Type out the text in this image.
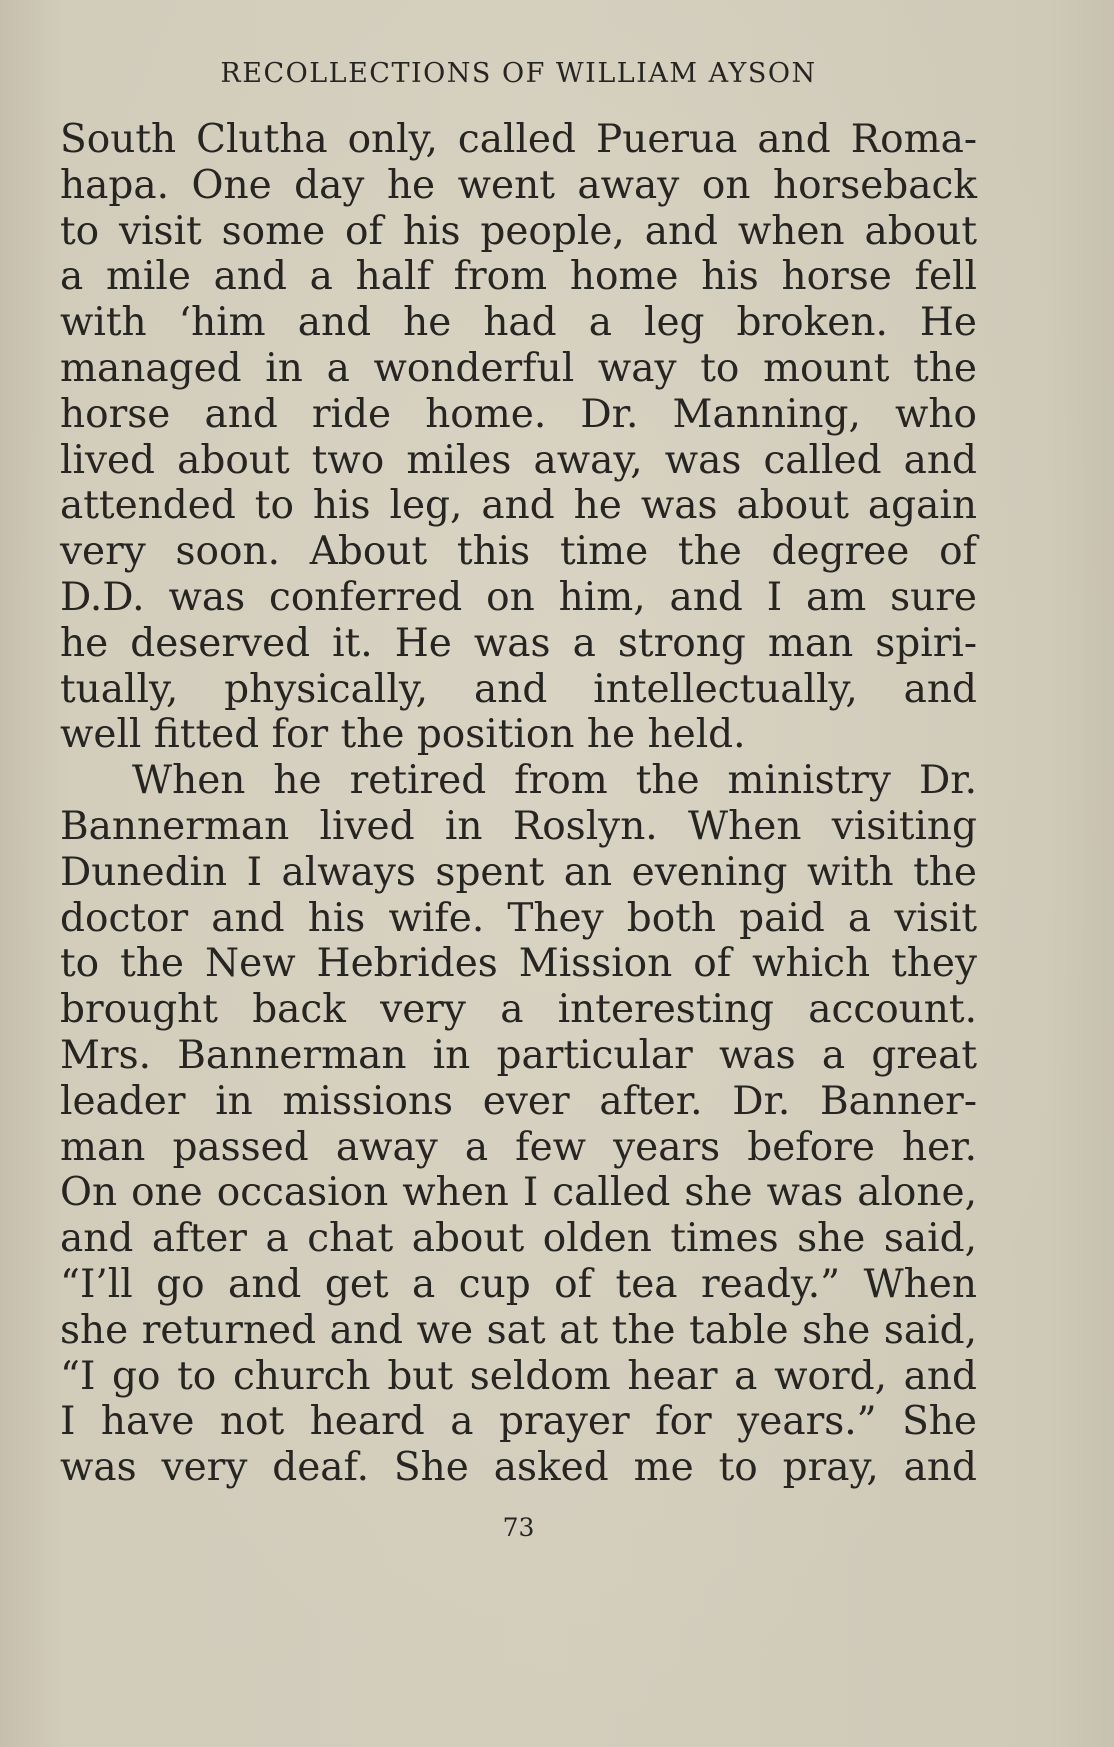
RECOLLECTIONS OF WILLIAM AYSON
South Clutha only, called Puerua and Roma-
hapa. One day he went away on horseback
to visit some of his people, and when about
a mile and a half from home his horse fell
with ‘him and he had a leg broken. He
managed in a wonderful way to mount the
horse and ride home. Dr. Manning, who
lived about two miles away, was called and
attended to his leg, and he was about again
very soon. About this time the degree of
D.D. was conferred on him, and I am sure
he deserved it. He was a strong man spiri-
tually, physically, and intellectually, and
well fitted for the position he held.
When he retired from the ministry Dr.
Bannerman lived in Roslyn. When visiting
Dunedin I always spent an evening with the
doctor and his wife. They both paid a visit
to the New Hebrides Mission of which they
brought back very a interesting account.
Mrs. Bannerman in particular was a great
leader in missions ever after. Dr. Banner-
man passed away a few years before her.
On one occasion when I called she was alone,
and after a chat about olden times she said,
“I’ll go and get a cup of tea ready.” When
she returned and we sat at the table she said,
“I go to church but seldom hear a word, and
I have not heard a prayer for years.” She
was very deaf. She asked me to pray, and
73
